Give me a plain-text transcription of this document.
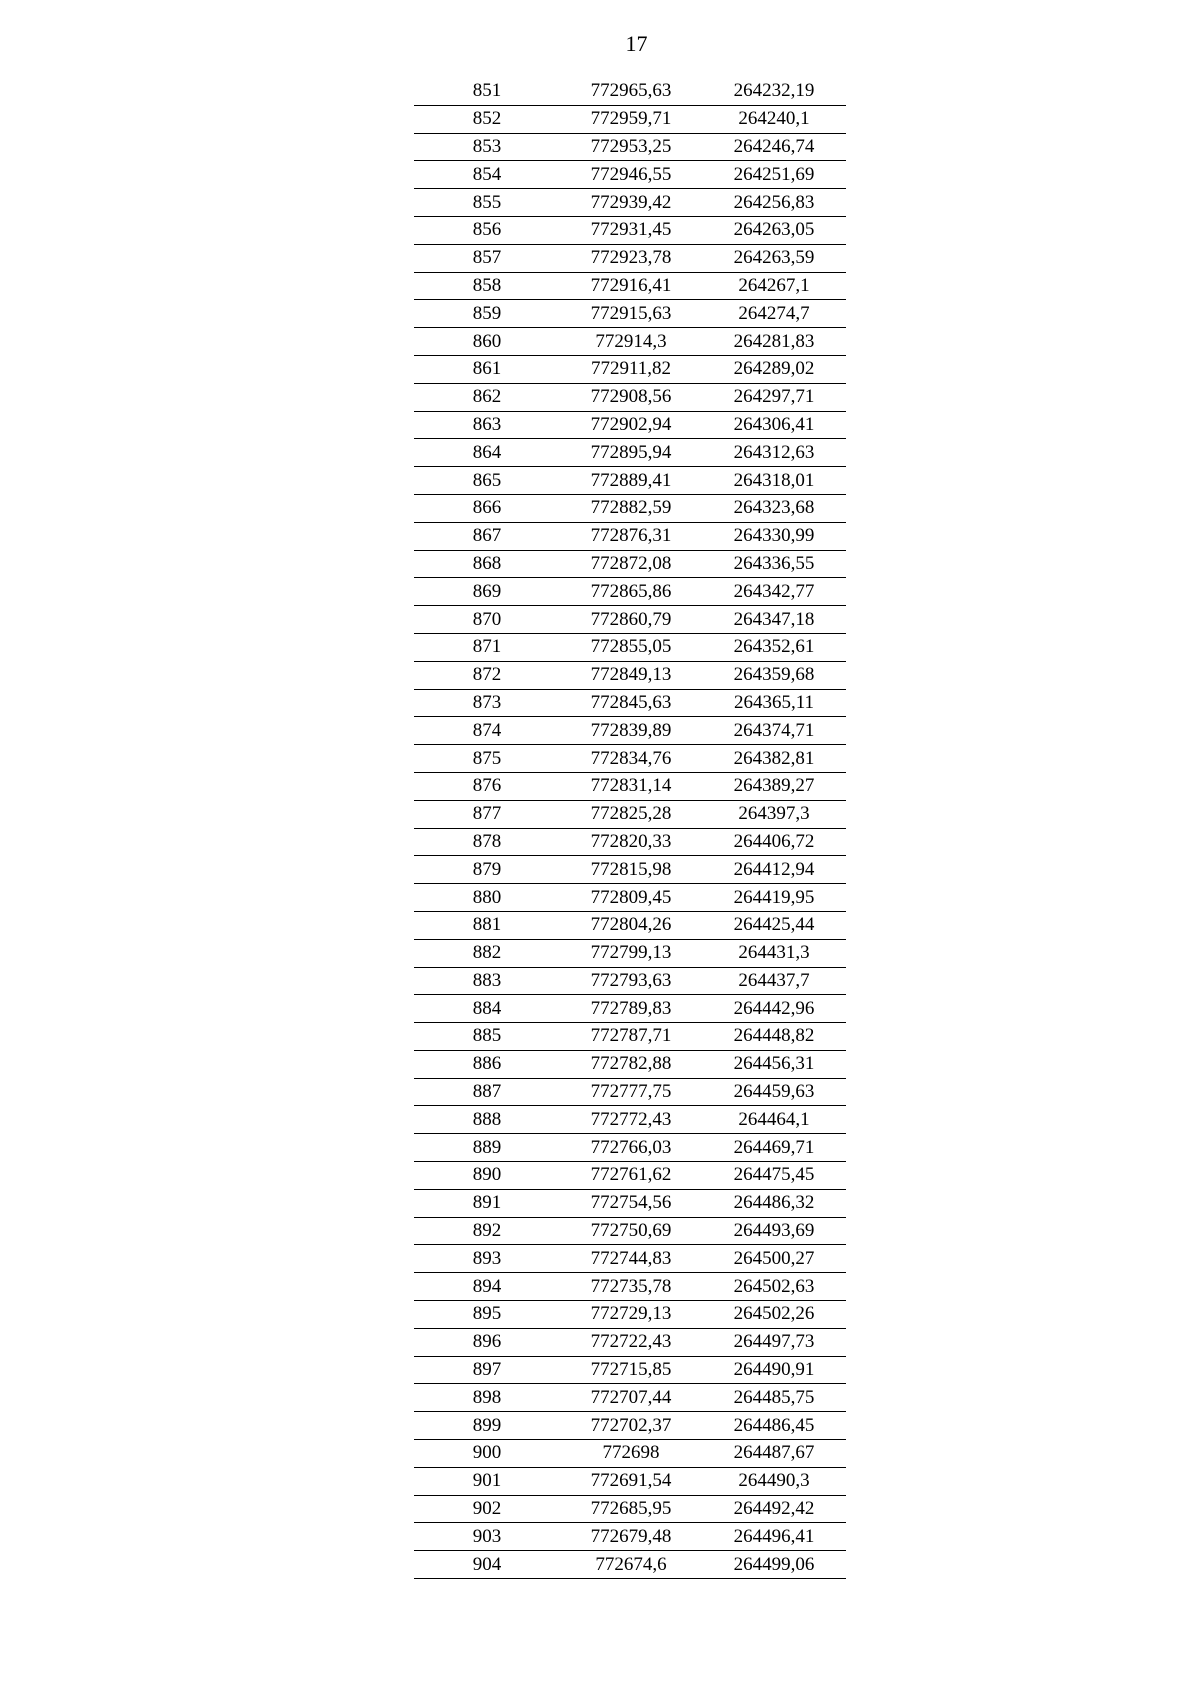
17
851	772965,63	264232,19
852	772959,71	264240,1
853	772953,25	264246,74
854	772946,55	264251,69
855	772939,42	264256,83
856	772931,45	264263,05
857	772923,78	264263,59
858	772916,41	264267,1
859	772915,63	264274,7
860	772914,3	264281,83
861	772911,82	264289,02
862	772908,56	264297,71
863	772902,94	264306,41
864	772895,94	264312,63
865	772889,41	264318,01
866	772882,59	264323,68
867	772876,31	264330,99
868	772872,08	264336,55
869	772865,86	264342,77
870	772860,79	264347,18
871	772855,05	264352,61
872	772849,13	264359,68
873	772845,63	264365,11
874	772839,89	264374,71
875	772834,76	264382,81
876	772831,14	264389,27
877	772825,28	264397,3
878	772820,33	264406,72
879	772815,98	264412,94
880	772809,45	264419,95
881	772804,26	264425,44
882	772799,13	264431,3
883	772793,63	264437,7
884	772789,83	264442,96
885	772787,71	264448,82
886	772782,88	264456,31
887	772777,75	264459,63
888	772772,43	264464,1
889	772766,03	264469,71
890	772761,62	264475,45
891	772754,56	264486,32
892	772750,69	264493,69
893	772744,83	264500,27
894	772735,78	264502,63
895	772729,13	264502,26
896	772722,43	264497,73
897	772715,85	264490,91
898	772707,44	264485,75
899	772702,37	264486,45
900	772698	264487,67
901	772691,54	264490,3
902	772685,95	264492,42
903	772679,48	264496,41
904	772674,6	264499,06
